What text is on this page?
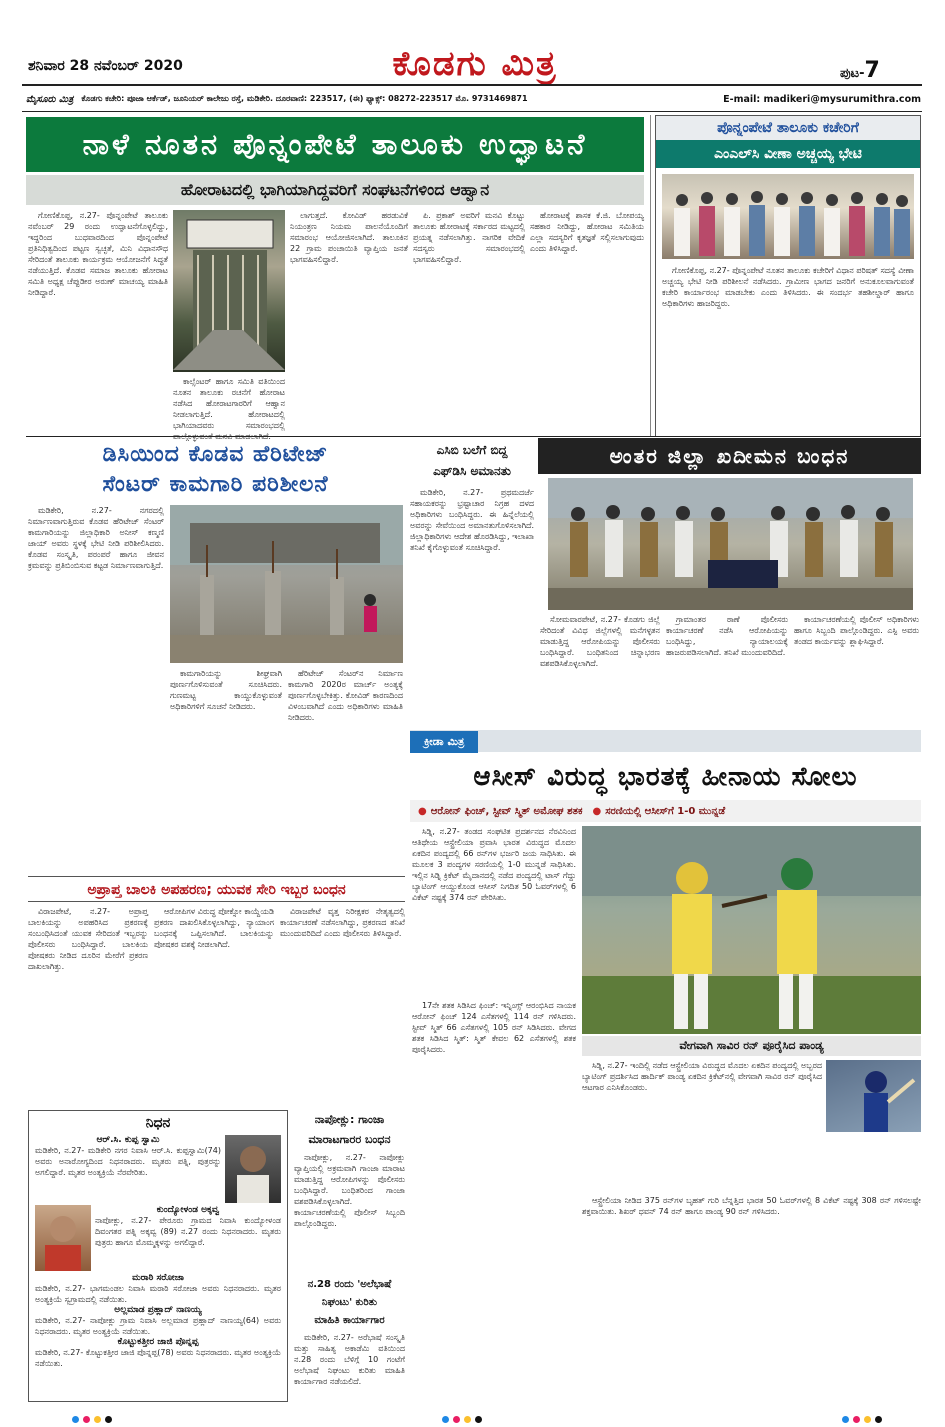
ಶನಿವಾರ 28 ನವೆಂಬರ್ 2020	ಕೊಡಗು ಮಿತ್ರ	ಪುಟ-7
ಮೈಸೂರು ಮಿತ್ರ ಕೊಡಗು ಕಚೇರಿ: ಪೂಜಾ ಆರ್ಕೆಡ್, ಜೂನಿಯರ್ ಕಾಲೇಜು ರಸ್ತೆ, ಮಡಿಕೇರಿ. ದೂರವಾಣಿ: 223517, (ಈ) ಫ್ಯಾಕ್ಸ್: 08272-223517 ಮೊ. 9731469871	E-mail: madikeri@mysurumithra.com
ನಾಳೆ ನೂತನ ಪೊನ್ನಂಪೇಟೆ ತಾಲೂಕು ಉದ್ಘಾಟನೆ
ಹೋರಾಟದಲ್ಲಿ ಭಾಗಿಯಾಗಿದ್ದವರಿಗೆ ಸಂಘಟನೆಗಳಿಂದ ಆಹ್ವಾನ

ಗೋಣಿಕೊಪ್ಪ, ನ.27- ಪೊನ್ನಂಪೇಟೆ ತಾಲೂಕು ನವೆಂಬರ್ 29 ರಂದು ಉದ್ಘಾಟನೆಗೊಳ್ಳಲಿದ್ದು, ಇದ್ದರಿಂದ ಬುಧವಾರದಿಂದ ಪೊನ್ನಂಪೇಟೆ ಪ್ರತಿನಿಧಿತ್ವದಿಂದ ಪಟ್ಟಣ ಸ್ವಚ್ಛತೆ, ಮಿನಿ ವಿಧಾನಸೌಧ ಸೇರಿದಂತೆ ತಾಲೂಕು ಕಾರ್ಯಕ್ರಮ ಆಯೋಜನೆಗೆ ಸಿದ್ಧತೆ ನಡೆಯುತ್ತಿದೆ. ಕೊಡವ ಸಮಾಜ ತಾಲೂಕು ಹೋರಾಟ ಸಮಿತಿ ಅಧ್ಯಕ್ಷ ಚೆಪ್ಪುಡೀರ ಅರುಣ್ ಮಾಚಯ್ಯ ಮಾಹಿತಿ ನೀಡಿದ್ದಾರೆ.

ಕಾಲ್ಸೆಂಟರ್ ಹಾಗೂ ಸಮಿತಿ ವತಿಯಿಂದ ನೂತನ ತಾಲೂಕು ರಚನೆಗೆ ಹೋರಾಟ ನಡೆಸಿದ ಹೋರಾಟಗಾರರಿಗೆ ಆಹ್ವಾನ ನೀಡಲಾಗುತ್ತಿದೆ. ಹೋರಾಟದಲ್ಲಿ ಭಾಗಿಯಾದವರು ಸಮಾರಂಭದಲ್ಲಿ ಪಾಲ್ಗೊಳ್ಳುವಂತೆ ಮನವಿ ಮಾಡಲಾಗಿದೆ.

ಲಾಗುತ್ತದೆ. ಕೋವಿಡ್ ಹರಡುವಿಕೆ ನಿಯಂತ್ರಣ ನಿಯಮ ಪಾಲನೆಯೊಂದಿಗೆ ಸಮಾರಂಭ ಆಯೋಜಿಸಲಾಗಿದೆ. ತಾಲೂಕಿನ 22 ಗ್ರಾಮ ಪಂಚಾಯಿತಿ ವ್ಯಾಪ್ತಿಯ ಜನತೆ ಭಾಗವಹಿಸಲಿದ್ದಾರೆ.

ಪಿ. ಪ್ರಕಾಶ್ ಅವರಿಗೆ ಮನವಿ ಕೊಟ್ಟು ತಾಲೂಕು ಹೋರಾಟಕ್ಕೆ ಸರ್ಕಾರದ ಮಟ್ಟದಲ್ಲಿ ಪ್ರಯತ್ನ ನಡೆಸಲಾಗಿತ್ತು. ನಾಗರಿಕ ವೇದಿಕೆ ಸದಸ್ಯರು ಸಮಾರಂಭದಲ್ಲಿ ಭಾಗವಹಿಸಲಿದ್ದಾರೆ.

ಹೋರಾಟಕ್ಕೆ ಶಾಸಕ ಕೆ.ಜಿ. ಬೋಪಯ್ಯ ಸಹಕಾರ ನೀಡಿದ್ದು, ಹೋರಾಟ ಸಮಿತಿಯ ಎಲ್ಲಾ ಸದಸ್ಯರಿಗೆ ಕೃತಜ್ಞತೆ ಸಲ್ಲಿಸಲಾಗುವುದು ಎಂದು ತಿಳಿಸಿದ್ದಾರೆ.

ಪೊನ್ನಂಪೇಟೆ ತಾಲೂಕು ಕಚೇರಿಗೆ
ಎಂಎಲ್‌ಸಿ ವೀಣಾ ಅಚ್ಚಯ್ಯ ಭೇಟಿ

ಗೋಣಿಕೊಪ್ಪ, ನ.27- ಪೊನ್ನಂಪೇಟೆ ನೂತನ ತಾಲೂಕು ಕಚೇರಿಗೆ ವಿಧಾನ ಪರಿಷತ್ ಸದಸ್ಯೆ ವೀಣಾ ಅಚ್ಚಯ್ಯ ಭೇಟಿ ನೀಡಿ ಪರಿಶೀಲನೆ ನಡೆಸಿದರು. ಗ್ರಾಮೀಣ ಭಾಗದ ಜನರಿಗೆ ಅನುಕೂಲವಾಗುವಂತೆ ಕಚೇರಿ ಕಾರ್ಯಾರಂಭ ಮಾಡಬೇಕು ಎಂದು ತಿಳಿಸಿದರು. ಈ ಸಂದರ್ಭ ತಹಶೀಲ್ದಾರ್ ಹಾಗೂ ಅಧಿಕಾರಿಗಳು ಹಾಜರಿದ್ದರು.

ಡಿಸಿಯಿಂದ ಕೊಡವ ಹೆರಿಟೇಜ್
ಸೆಂಟರ್ ಕಾಮಗಾರಿ ಪರಿಶೀಲನೆ

ಮಡಿಕೇರಿ, ನ.27- ನಗರದಲ್ಲಿ ನಿರ್ಮಾಣವಾಗುತ್ತಿರುವ ಕೊಡವ ಹೆರಿಟೇಜ್ ಸೆಂಟರ್ ಕಾಮಗಾರಿಯನ್ನು ಜಿಲ್ಲಾಧಿಕಾರಿ ಅನೀಸ್ ಕಣ್ಮಣಿ ಜಾಯ್ ಅವರು ಸ್ಥಳಕ್ಕೆ ಭೇಟಿ ನೀಡಿ ಪರಿಶೀಲಿಸಿದರು. ಕೊಡವ ಸಂಸ್ಕೃತಿ, ಪರಂಪರೆ ಹಾಗೂ ಜೀವನ ಕ್ರಮವನ್ನು ಪ್ರತಿಬಿಂಬಿಸುವ ಕಟ್ಟಡ ನಿರ್ಮಾಣವಾಗುತ್ತಿದೆ.

ಕಾಮಗಾರಿಯನ್ನು ಶೀಘ್ರವಾಗಿ ಪೂರ್ಣಗೊಳಿಸುವಂತೆ ಸೂಚಿಸಿದರು. ಗುಣಮಟ್ಟ ಕಾಯ್ದುಕೊಳ್ಳುವಂತೆ ಅಧಿಕಾರಿಗಳಿಗೆ ಸೂಚನೆ ನೀಡಿದರು.

ಹೆರಿಟೇಜ್ ಸೆಂಟರ್‌ನ ನಿರ್ಮಾಣ ಕಾಮಗಾರಿ 2020ರ ಮಾರ್ಚ್ ಅಂತ್ಯಕ್ಕೆ ಪೂರ್ಣಗೊಳ್ಳಬೇಕಿತ್ತು. ಕೋವಿಡ್ ಕಾರಣದಿಂದ ವಿಳಂಬವಾಗಿದೆ ಎಂದು ಅಧಿಕಾರಿಗಳು ಮಾಹಿತಿ ನೀಡಿದರು.

ಎಸಿಬಿ ಬಲೆಗೆ ಬಿದ್ದ
ಎಫ್‌ಡಿಸಿ ಅಮಾನತು

ಮಡಿಕೇರಿ, ನ.27- ಪ್ರಥಮದರ್ಜೆ ಸಹಾಯಕರನ್ನು ಭ್ರಷ್ಟಾಚಾರ ನಿಗ್ರಹ ದಳದ ಅಧಿಕಾರಿಗಳು ಬಂಧಿಸಿದ್ದರು. ಈ ಹಿನ್ನೆಲೆಯಲ್ಲಿ ಅವರನ್ನು ಸೇವೆಯಿಂದ ಅಮಾನತುಗೊಳಿಸಲಾಗಿದೆ. ಜಿಲ್ಲಾಧಿಕಾರಿಗಳು ಆದೇಶ ಹೊರಡಿಸಿದ್ದು, ಇಲಾಖಾ ತನಿಖೆ ಕೈಗೊಳ್ಳುವಂತೆ ಸೂಚಿಸಿದ್ದಾರೆ.

ಅಂತರ ಜಿಲ್ಲಾ ಖದೀಮನ ಬಂಧನ

ಸೋಮವಾರಪೇಟೆ, ನ.27- ಕೊಡಗು ಜಿಲ್ಲೆ ಸೇರಿದಂತೆ ವಿವಿಧ ಜಿಲ್ಲೆಗಳಲ್ಲಿ ಮನೆಗಳ್ಳತನ ಮಾಡುತ್ತಿದ್ದ ಆರೋಪಿಯನ್ನು ಪೊಲೀಸರು ಬಂಧಿಸಿದ್ದಾರೆ. ಬಂಧಿತನಿಂದ ಚಿನ್ನಾಭರಣ ವಶಪಡಿಸಿಕೊಳ್ಳಲಾಗಿದೆ.

ಗ್ರಾಮಾಂತರ ಠಾಣೆ ಪೊಲೀಸರು ಕಾರ್ಯಾಚರಣೆ ನಡೆಸಿ ಆರೋಪಿಯನ್ನು ಬಂಧಿಸಿದ್ದು, ನ್ಯಾಯಾಲಯಕ್ಕೆ ಹಾಜರುಪಡಿಸಲಾಗಿದೆ. ತನಿಖೆ ಮುಂದುವರಿದಿದೆ.

ಕಾರ್ಯಾಚರಣೆಯಲ್ಲಿ ಪೊಲೀಸ್ ಅಧಿಕಾರಿಗಳು ಹಾಗೂ ಸಿಬ್ಬಂದಿ ಪಾಲ್ಗೊಂಡಿದ್ದರು. ಎಸ್ಪಿ ಅವರು ತಂಡದ ಕಾರ್ಯವನ್ನು ಶ್ಲಾಘಿಸಿದ್ದಾರೆ.

ಕ್ರೀಡಾ ಮಿತ್ರ
ಆಸೀಸ್ ವಿರುದ್ಧ ಭಾರತಕ್ಕೆ ಹೀನಾಯ ಸೋಲು
● ಆರೋನ್ ಫಿಂಚ್, ಸ್ಟೀವ್ ಸ್ಮಿತ್ ಅಮೋಘ ಶತಕ ● ಸರಣಿಯಲ್ಲಿ ಆಸೀಸ್‌ಗೆ 1-0 ಮುನ್ನಡೆ

ಸಿಡ್ನಿ, ನ.27- ತಂಡದ ಸಂಘಟಿತ ಪ್ರದರ್ಶನದ ನೆರವಿನಿಂದ ಆತಿಥೇಯ ಆಸ್ಟ್ರೇಲಿಯಾ ಪ್ರವಾಸಿ ಭಾರತ ವಿರುದ್ಧದ ಮೊದಲ ಏಕದಿನ ಪಂದ್ಯದಲ್ಲಿ 66 ರನ್‌ಗಳ ಭರ್ಜರಿ ಜಯ ಸಾಧಿಸಿತು. ಈ ಮೂಲಕ 3 ಪಂದ್ಯಗಳ ಸರಣಿಯಲ್ಲಿ 1-0 ಮುನ್ನಡೆ ಸಾಧಿಸಿತು. ಇಲ್ಲಿನ ಸಿಡ್ನಿ ಕ್ರಿಕೆಟ್ ಮೈದಾನದಲ್ಲಿ ನಡೆದ ಪಂದ್ಯದಲ್ಲಿ ಟಾಸ್ ಗೆದ್ದು ಬ್ಯಾಟಿಂಗ್ ಆಯ್ದುಕೊಂಡ ಆಸೀಸ್ ನಿಗದಿತ 50 ಓವರ್‌ಗಳಲ್ಲಿ 6 ವಿಕೆಟ್ ನಷ್ಟಕ್ಕೆ 374 ರನ್ ಪೇರಿಸಿತು.

17ನೇ ಶತಕ ಸಿಡಿಸಿದ ಫಿಂಚ್: ಇನ್ನಿಂಗ್ಸ್ ಆರಂಭಿಸಿದ ನಾಯಕ ಆರೋನ್ ಫಿಂಚ್ 124 ಎಸೆತಗಳಲ್ಲಿ 114 ರನ್ ಗಳಿಸಿದರು. ಸ್ಟೀವ್ ಸ್ಮಿತ್ 66 ಎಸೆತಗಳಲ್ಲಿ 105 ರನ್ ಸಿಡಿಸಿದರು. ವೇಗದ ಶತಕ ಸಿಡಿಸಿದ ಸ್ಮಿತ್: ಸ್ಮಿತ್ ಕೇವಲ 62 ಎಸೆತಗಳಲ್ಲಿ ಶತಕ ಪೂರೈಸಿದರು.	ವೇಗವಾಗಿ ಸಾವಿರ ರನ್ ಪೂರೈಸಿದ ಪಾಂಡ್ಯ

ಸಿಡ್ನಿ, ನ.27- ಇಂದಿಲ್ಲಿ ನಡೆದ ಆಸ್ಟ್ರೇಲಿಯಾ ವಿರುದ್ಧದ ಮೊದಲ ಏಕದಿನ ಪಂದ್ಯದಲ್ಲಿ ಅಬ್ಬರದ ಬ್ಯಾಟಿಂಗ್ ಪ್ರದರ್ಶಿಸಿದ ಹಾರ್ದಿಕ್ ಪಾಂಡ್ಯ ಏಕದಿನ ಕ್ರಿಕೆಟ್‌ನಲ್ಲಿ ವೇಗವಾಗಿ ಸಾವಿರ ರನ್ ಪೂರೈಸಿದ ಆಟಗಾರ ಎನಿಸಿಕೊಂಡರು.

ಆಸ್ಟ್ರೇಲಿಯಾ ನೀಡಿದ 375 ರನ್‌ಗಳ ಬೃಹತ್ ಗುರಿ ಬೆನ್ನತ್ತಿದ ಭಾರತ 50 ಓವರ್‌ಗಳಲ್ಲಿ 8 ವಿಕೆಟ್ ನಷ್ಟಕ್ಕೆ 308 ರನ್ ಗಳಿಸಲಷ್ಟೇ ಶಕ್ತವಾಯಿತು. ಶಿಖರ್ ಧವನ್ 74 ರನ್ ಹಾಗೂ ಪಾಂಡ್ಯ 90 ರನ್ ಗಳಿಸಿದರು.

ಅಪ್ರಾಪ್ತ ಬಾಲಕಿ ಅಪಹರಣ; ಯುವಕ ಸೇರಿ ಇಬ್ಬರ ಬಂಧನ

ವಿರಾಜಪೇಟೆ, ನ.27- ಅಪ್ರಾಪ್ತ ಬಾಲಕಿಯನ್ನು ಅಪಹರಿಸಿದ ಪ್ರಕರಣಕ್ಕೆ ಸಂಬಂಧಿಸಿದಂತೆ ಯುವಕ ಸೇರಿದಂತೆ ಇಬ್ಬರನ್ನು ಪೊಲೀಸರು ಬಂಧಿಸಿದ್ದಾರೆ. ಬಾಲಕಿಯ ಪೋಷಕರು ನೀಡಿದ ದೂರಿನ ಮೇರೆಗೆ ಪ್ರಕರಣ ದಾಖಲಾಗಿತ್ತು.

ಆರೋಪಿಗಳ ವಿರುದ್ಧ ಪೋಕ್ಸೋ ಕಾಯ್ದೆಯಡಿ ಪ್ರಕರಣ ದಾಖಲಿಸಿಕೊಳ್ಳಲಾಗಿದ್ದು, ನ್ಯಾಯಾಂಗ ಬಂಧನಕ್ಕೆ ಒಪ್ಪಿಸಲಾಗಿದೆ. ಬಾಲಕಿಯನ್ನು ಪೋಷಕರ ವಶಕ್ಕೆ ನೀಡಲಾಗಿದೆ.

ವಿರಾಜಪೇಟೆ ವೃತ್ತ ನಿರೀಕ್ಷಕರ ನೇತೃತ್ವದಲ್ಲಿ ಕಾರ್ಯಾಚರಣೆ ನಡೆಸಲಾಗಿದ್ದು, ಪ್ರಕರಣದ ತನಿಖೆ ಮುಂದುವರಿದಿದೆ ಎಂದು ಪೊಲೀಸರು ತಿಳಿಸಿದ್ದಾರೆ.

ನಿಧನ
ಆರ್.ಸಿ. ಕುಪ್ಪ ಸ್ವಾಮಿ
ಮಡಿಕೇರಿ, ನ.27- ಮಡಿಕೇರಿ ನಗರ ನಿವಾಸಿ ಆರ್.ಸಿ. ಕುಪ್ಪಸ್ವಾಮಿ(74) ಅವರು ಅನಾರೋಗ್ಯದಿಂದ ನಿಧನರಾದರು. ಮೃತರು ಪತ್ನಿ, ಪುತ್ರರನ್ನು ಅಗಲಿದ್ದಾರೆ. ಮೃತರ ಅಂತ್ಯಕ್ರಿಯೆ ನೆರವೇರಿತು.
ಕುಂದ್ಯೋಳಂಡ ಅಕ್ಕವ್ವ
ನಾಪೋಕ್ಲು, ನ.27- ಪೇರೂರು ಗ್ರಾಮದ ನಿವಾಸಿ ಕುಂದ್ಯೋಳಂಡ ದಿವಂಗತರ ಪತ್ನಿ ಅಕ್ಕವ್ವ (89) ನ.27 ರಂದು ನಿಧನರಾದರು. ಮೃತರು ಪುತ್ರರು ಹಾಗೂ ಮೊಮ್ಮಕ್ಕಳನ್ನು ಅಗಲಿದ್ದಾರೆ.
ಮರಾಠಿ ಸರೋಜಾ
ಮಡಿಕೇರಿ, ನ.27- ಭಾಗಮಂಡಲ ನಿವಾಸಿ ಮರಾಠಿ ಸರೋಜಾ ಅವರು ನಿಧನರಾದರು. ಮೃತರ ಅಂತ್ಯಕ್ರಿಯೆ ಸ್ವಗ್ರಾಮದಲ್ಲಿ ನಡೆಯಿತು.
ಅಲ್ಲಮಾಡ ಪ್ರಹ್ಲಾದ್ ನಾಣಯ್ಯ
ಮಡಿಕೇರಿ, ನ.27- ನಾಪೋಕ್ಲು ಗ್ರಾಮ ನಿವಾಸಿ ಅಲ್ಲಮಾಡ ಪ್ರಹ್ಲಾದ್ ನಾಣಯ್ಯ(64) ಅವರು ನಿಧನರಾದರು. ಮೃತರ ಅಂತ್ಯಕ್ರಿಯೆ ನಡೆಯಿತು.
ಕೊಟ್ಟುಕತ್ತೀರ ಜಾಜಿ ಪೊನ್ನಪ್ಪ
ಮಡಿಕೇರಿ, ನ.27- ಕೊಟ್ಟುಕತ್ತೀರ ಜಾಜಿ ಪೊನ್ನಪ್ಪ(78) ಅವರು ನಿಧನರಾದರು. ಮೃತರ ಅಂತ್ಯಕ್ರಿಯೆ ನಡೆಯಿತು.
ನಾಪೋಕ್ಲು: ಗಾಂಜಾ
ಮಾರಾಟಗಾರರ ಬಂಧನ

ನಾಪೋಕ್ಲು, ನ.27- ನಾಪೋಕ್ಲು ವ್ಯಾಪ್ತಿಯಲ್ಲಿ ಅಕ್ರಮವಾಗಿ ಗಾಂಜಾ ಮಾರಾಟ ಮಾಡುತ್ತಿದ್ದ ಆರೋಪಿಗಳನ್ನು ಪೊಲೀಸರು ಬಂಧಿಸಿದ್ದಾರೆ. ಬಂಧಿತರಿಂದ ಗಾಂಜಾ ವಶಪಡಿಸಿಕೊಳ್ಳಲಾಗಿದೆ. ಕಾರ್ಯಾಚರಣೆಯಲ್ಲಿ ಪೊಲೀಸ್ ಸಿಬ್ಬಂದಿ ಪಾಲ್ಗೊಂಡಿದ್ದರು.

ನ.28 ರಂದು 'ಅಲೆಭಾಷೆ
ನಿಘಂಟು' ಕುರಿತು
ಮಾಹಿತಿ ಕಾರ್ಯಾಗಾರ

ಮಡಿಕೇರಿ, ನ.27- ಅರೆಭಾಷೆ ಸಂಸ್ಕೃತಿ ಮತ್ತು ಸಾಹಿತ್ಯ ಅಕಾಡೆಮಿ ವತಿಯಿಂದ ನ.28 ರಂದು ಬೆಳಿಗ್ಗೆ 10 ಗಂಟೆಗೆ ಅಲೆಭಾಷೆ ನಿಘಂಟು ಕುರಿತು ಮಾಹಿತಿ ಕಾರ್ಯಾಗಾರ ನಡೆಯಲಿದೆ.
